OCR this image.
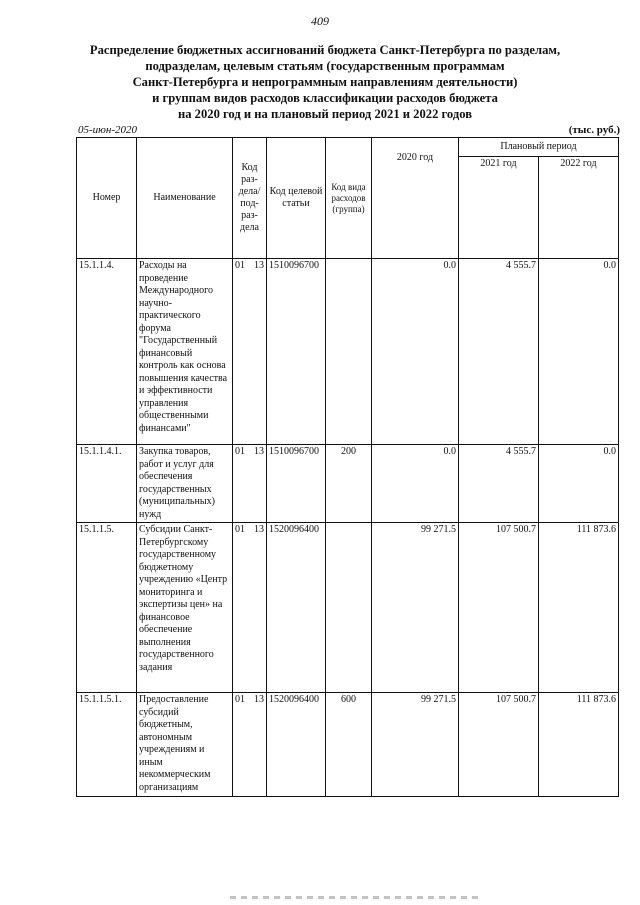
409
Распределение бюджетных ассигнований бюджета Санкт-Петербурга по разделам,
подразделам, целевым статьям (государственным программам
Санкт-Петербурга и непрограммным направлениям деятельности)
и группам видов расходов классификации расходов бюджета
на 2020 год и на плановый период 2021 и 2022 годов
05-июн-2020	(тыс. руб.)
Номер	Наименование	Код раз- дела/ под- раз- дела	Код целевой статьи	Код вида расходов (группа)	2020 год	Плановый период	
						2021 год	2022 год
15.1.1.4.	Расходы на проведение Международного научно-практического форума "Государственный финансовый контроль как основа повышения качества и эффективности управления общественными финансами"	01 13	1510096700		0.0	4 555.7	0.0
15.1.1.4.1.	Закупка товаров, работ и услуг для обеспечения государственных (муниципальных) нужд	01 13	1510096700	200	0.0	4 555.7	0.0
15.1.1.5.	Субсидии Санкт-Петербургскому государственному бюджетному учреждению «Центр мониторинга и экспертизы цен» на финансовое обеспечение выполнения государственного задания	01 13	1520096400		99 271.5	107 500.7	111 873.6
15.1.1.5.1.	Предоставление субсидий бюджетным, автономным учреждениям и иным некоммерческим организациям	01 13	1520096400	600	99 271.5	107 500.7	111 873.6
